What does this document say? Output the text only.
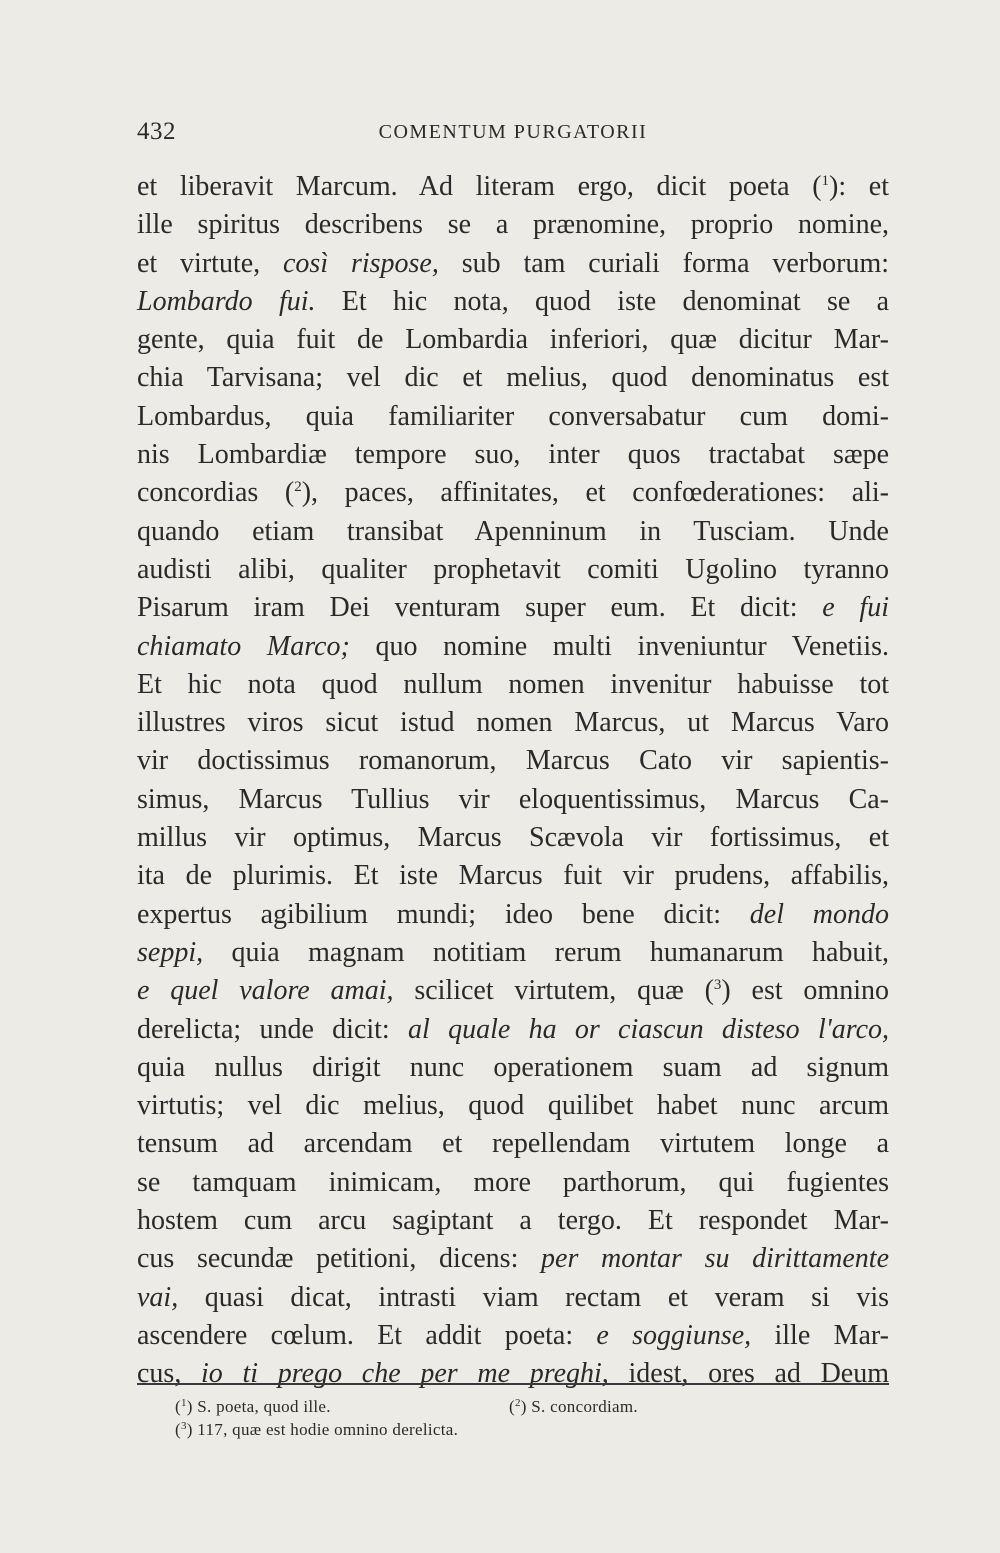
432	COMENTUM PURGATORII
et liberavit Marcum. Ad literam ergo, dicit poeta ($^1$): et
ille spiritus describens se a prænomine, proprio nomine,
et virtute, così rispose, sub tam curiali forma verborum:
Lombardo fui. Et hic nota, quod iste denominat se a
gente, quia fuit de Lombardia inferiori, quæ dicitur Mar-
chia Tarvisana; vel dic et melius, quod denominatus est
Lombardus, quia familiariter conversabatur cum domi-
nis Lombardiæ tempore suo, inter quos tractabat sæpe
concordias ($^2$), paces, affinitates, et confœderationes: ali-
quando etiam transibat Apenninum in Tusciam. Unde
audisti alibi, qualiter prophetavit comiti Ugolino tyranno
Pisarum iram Dei venturam super eum. Et dicit: e fui
chiamato Marco; quo nomine multi inveniuntur Venetiis.
Et hic nota quod nullum nomen invenitur habuisse tot
illustres viros sicut istud nomen Marcus, ut Marcus Varo
vir doctissimus romanorum, Marcus Cato vir sapientis-
simus, Marcus Tullius vir eloquentissimus, Marcus Ca-
millus vir optimus, Marcus Scævola vir fortissimus, et
ita de plurimis. Et iste Marcus fuit vir prudens, affabilis,
expertus agibilium mundi; ideo bene dicit: del mondo
seppi, quia magnam notitiam rerum humanarum habuit,
e quel valore amai, scilicet virtutem, quæ ($^3$) est omnino
derelicta; unde dicit: al quale ha or ciascun disteso l'arco,
quia nullus dirigit nunc operationem suam ad signum
virtutis; vel dic melius, quod quilibet habet nunc arcum
tensum ad arcendam et repellendam virtutem longe a
se tamquam inimicam, more parthorum, qui fugientes
hostem cum arcu sagiptant a tergo. Et respondet Mar-
cus secundæ petitioni, dicens: per montar su dirittamente
vai, quasi dicat, intrasti viam rectam et veram si vis
ascendere cœlum. Et addit poeta: e soggiunse, ille Mar-
cus, io ti prego che per me preghi, idest, ores ad Deum
($^1$) S. poeta, quod ille.	($^2$) S. concordiam.
($^3$) 117, quæ est hodie omnino derelicta.
